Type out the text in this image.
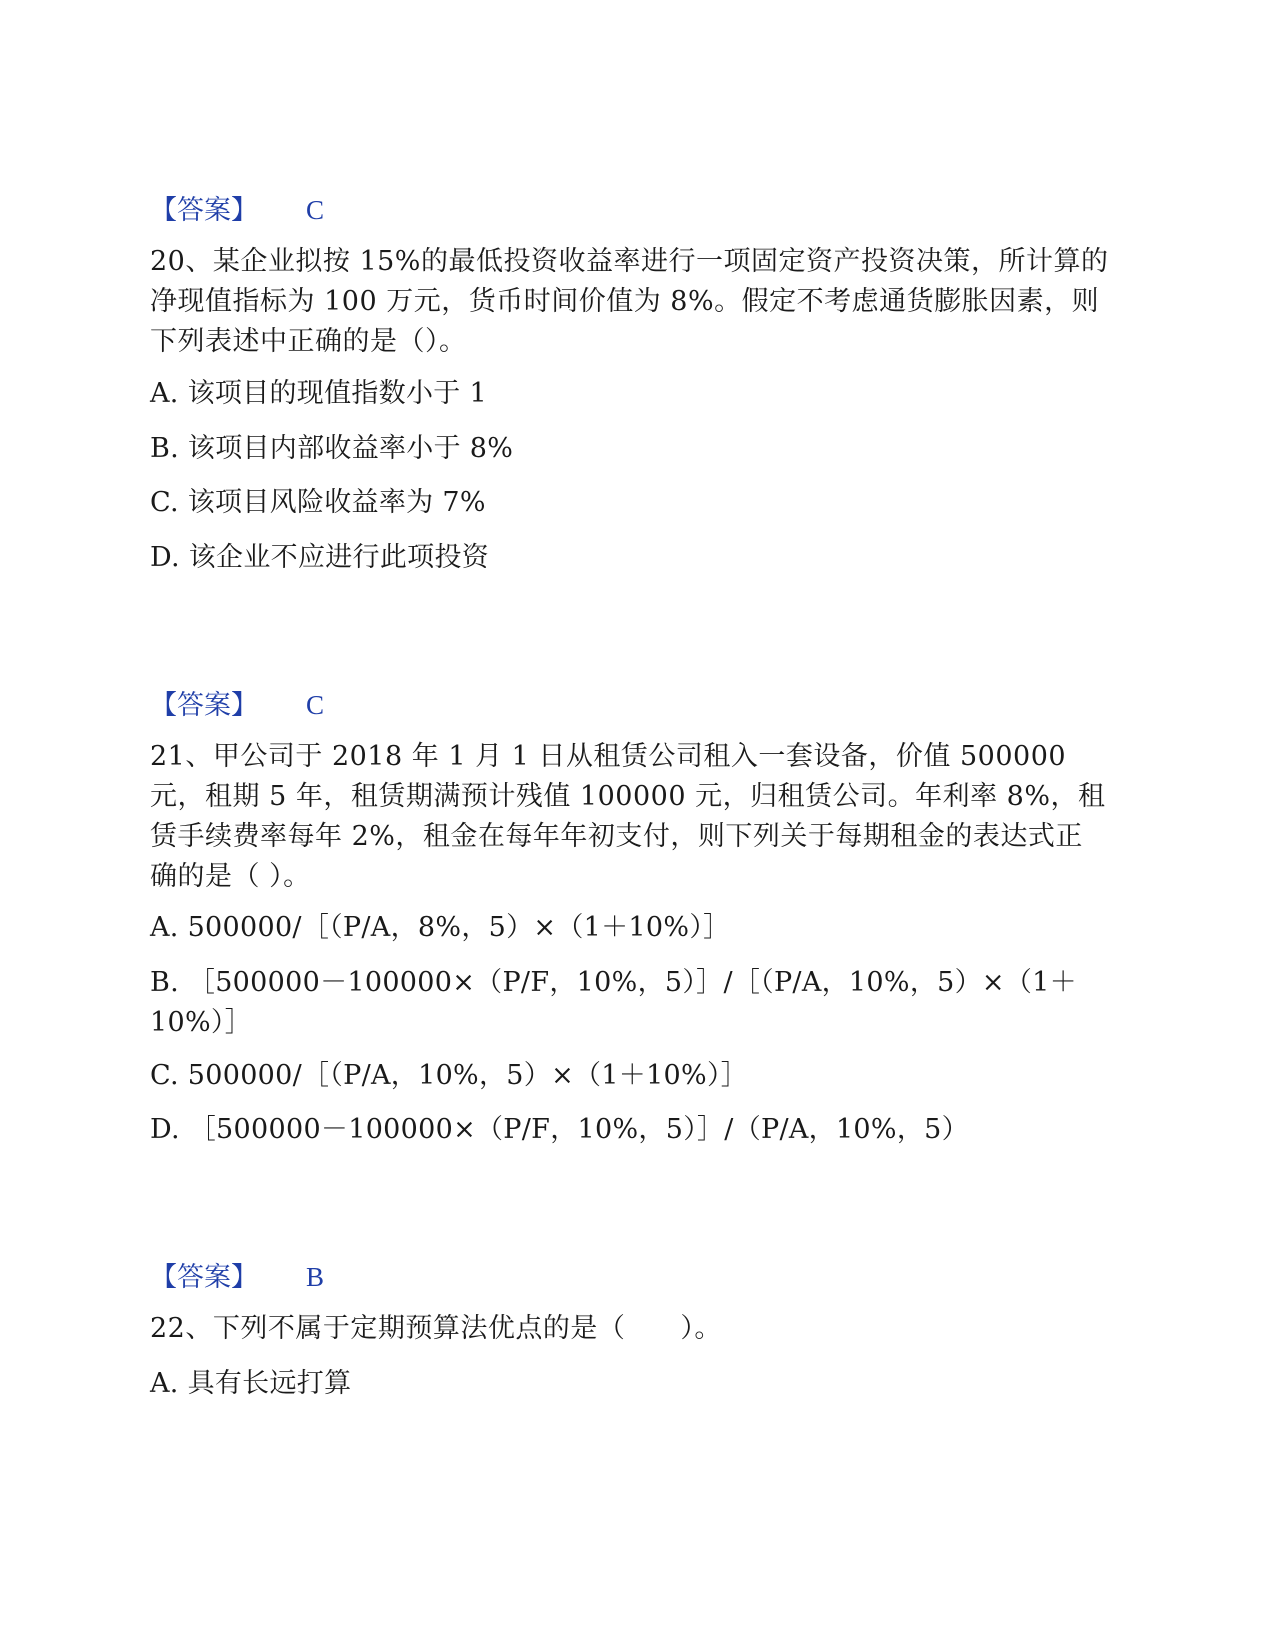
【答案】 C
20、某企业拟按 15%的最低投资收益率进行一项固定资产投资决策，所计算的净现值指标为 100 万元，货币时间价值为 8%。假定不考虑通货膨胀因素，则下列表述中正确的是（）。
A. 该项目的现值指数小于 1
B. 该项目内部收益率小于 8%
C. 该项目风险收益率为 7%
D. 该企业不应进行此项投资
【答案】 C
21、甲公司于 2018 年 1 月 1 日从租赁公司租入一套设备，价值 500000 元，租期 5 年，租赁期满预计残值 100000 元，归租赁公司。年利率 8%，租赁手续费率每年 2%，租金在每年年初支付，则下列关于每期租金的表达式正确的是（ ）。
A. 500000/［（P/A，8%，5）×（1＋10%）］
B. ［500000－100000×（P/F，10%，5）］/［（P/A，10%，5）×（1＋10%）］
C. 500000/［（P/A，10%，5）×（1＋10%）］
D. ［500000－100000×（P/F，10%，5）］/（P/A，10%，5）
【答案】 B
22、下列不属于定期预算法优点的是（　　）。
A. 具有长远打算
